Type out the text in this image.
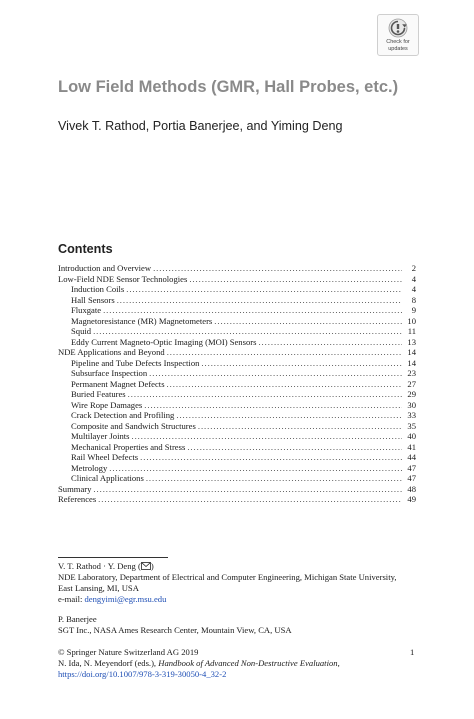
Check for
updates
Low Field Methods (GMR, Hall Probes, etc.)

Vivek T. Rathod, Portia Banerjee, and Yiming Deng

Contents
Introduction and Overview . . .	2
Low-Field NDE Sensor Technologies . . .	4
Induction Coils . . .	4
Hall Sensors . . .	8
Fluxgate . . .	9
Magnetoresistance (MR) Magnetometers . . .	10
Squid . . .	11
Eddy Current Magneto-Optic Imaging (MOI) Sensors . . .	13
NDE Applications and Beyond . . .	14
Pipeline and Tube Defects Inspection . . .	14
Subsurface Inspection . . .	23
Permanent Magnet Defects . . .	27
Buried Features . . .	29
Wire Rope Damages . . .	30
Crack Detection and Profiling . . .	33
Composite and Sandwich Structures . . .	35
Multilayer Joints . . .	40
Mechanical Properties and Stress . . .	41
Rail Wheel Defects . . .	44
Metrology . . .	47
Clinical Applications . . .	47
Summary . . .	48
References . . .	49

V. T. Rathod · Y. Deng ( )

NDE Laboratory, Department of Electrical and Computer Engineering, Michigan State University,

East Lansing, MI, USA

e-mail: dengyimi@egr.msu.edu

P. Banerjee

SGT Inc., NASA Ames Research Center, Mountain View, CA, USA

© Springer Nature Switzerland AG 2019

N. Ida, N. Meyendorf (eds.), Handbook of Advanced Non-Destructive Evaluation,

https://doi.org/10.1007/978-3-319-30050-4_32-2

1
